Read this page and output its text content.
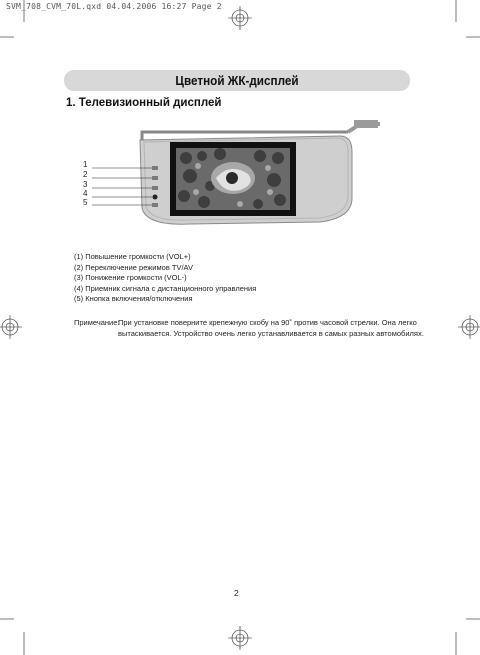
SVM_708_CVM_70L.qxd 04.04.2006 16:27 Page 2
Цветной ЖК-дисплей
1. Телевизионный дисплей
1
2
3
4
5
(1) Повышение громкости (VOL+)
(2) Переключение режимов TV/AV
(3) Понижение громкости (VOL-)
(4) Приемник сигнала с дистанционного управления
(5) Кнопка включения/отключения
Примечание:
При установке поверните крепежную скобу на 90˚ против часовой стрелки. Она легко
вытаскивается. Устройство очень легко устанавливается в самых разных автомобилях.
2
